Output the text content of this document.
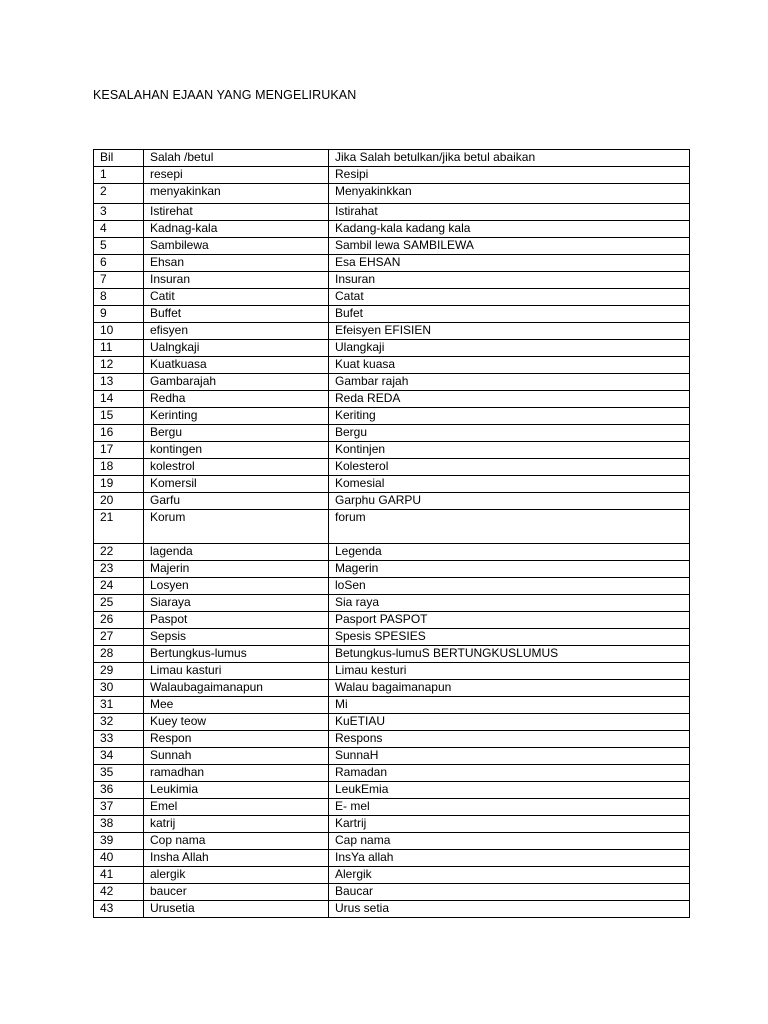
KESALAHAN EJAAN YANG MENGELIRUKAN
Bil	Salah /betul	Jika Salah betulkan/jika betul abaikan
1	resepi	Resipi
2	menyakinkan	Menyakinkkan
3	Istirehat	Istirahat
4	Kadnag-kala	Kadang-kala kadang kala
5	Sambilewa	Sambil lewa SAMBILEWA
6	Ehsan	Esa EHSAN
7	Insuran	Insuran
8	Catit	Catat
9	Buffet	Bufet
10	efisyen	Efeisyen EFISIEN
11	Ualngkaji	Ulangkaji
12	Kuatkuasa	Kuat kuasa
13	Gambarajah	Gambar rajah
14	Redha	Reda REDA
15	Kerinting	Keriting
16	Bergu	Bergu
17	kontingen	Kontinjen
18	kolestrol	Kolesterol
19	Komersil	Komesial
20	Garfu	Garphu GARPU
21	Korum	forum
22	lagenda	Legenda
23	Majerin	Magerin
24	Losyen	loSen
25	Siaraya	Sia raya
26	Paspot	Pasport PASPOT
27	Sepsis	Spesis SPESIES
28	Bertungkus-lumus	Betungkus-lumuS BERTUNGKUSLUMUS
29	Limau kasturi	Limau kesturi
30	Walaubagaimanapun	Walau bagaimanapun
31	Mee	Mi
32	Kuey teow	KuETIAU
33	Respon	Respons
34	Sunnah	SunnaH
35	ramadhan	Ramadan
36	Leukimia	LeukEmia
37	Emel	E- mel
38	katrij	Kartrij
39	Cop nama	Cap nama
40	Insha Allah	InsYa allah
41	alergik	Alergik
42	baucer	Baucar
43	Urusetia	Urus setia
